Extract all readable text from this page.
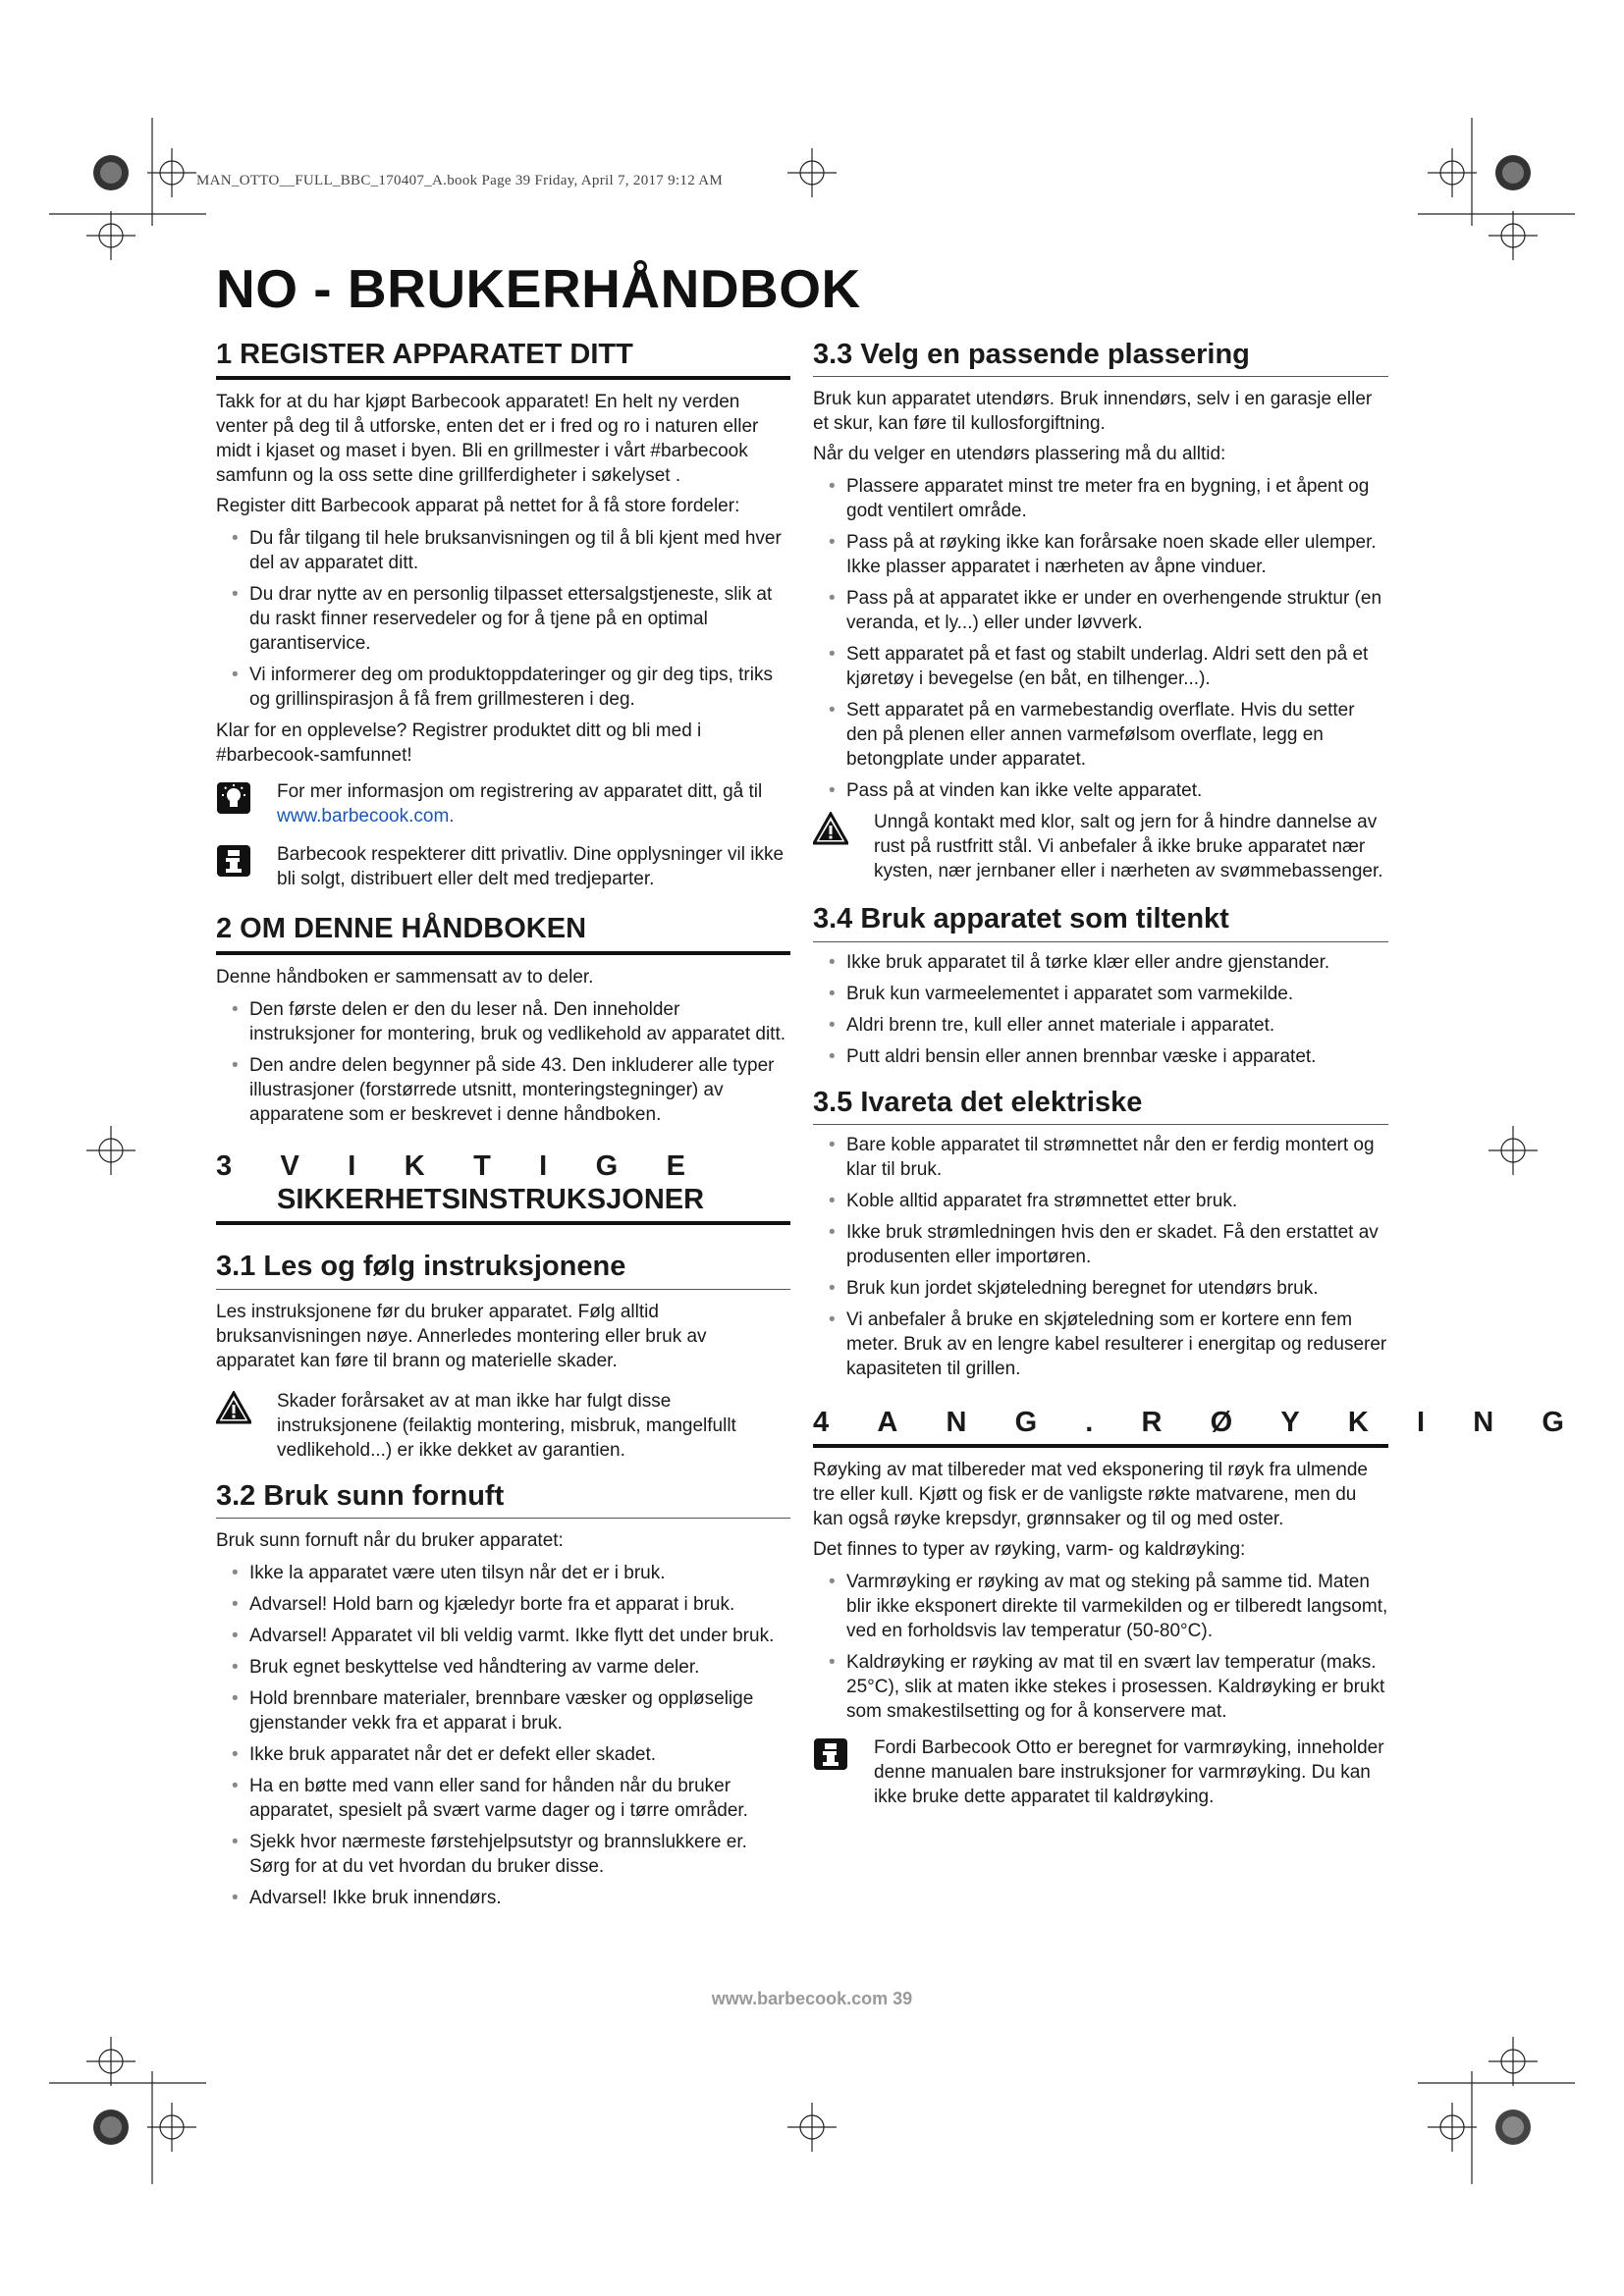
MAN_OTTO__FULL_BBC_170407_A.book Page 39 Friday, April 7, 2017 9:12 AM
NO - BRUKERHÅNDBOK
1 REGISTER APPARATET DITT

Takk for at du har kjøpt Barbecook apparatet! En helt ny verden venter på deg til å utforske, enten det er i fred og ro i naturen eller midt i kjaset og maset i byen. Bli en grillmester i vårt #barbecook samfunn og la oss sette dine grillferdigheter i søkelyset .

Register ditt Barbecook apparat på nettet for å få store fordeler:

• Du får tilgang til hele bruksanvisningen og til å bli kjent med hver del av apparatet ditt.
• Du drar nytte av en personlig tilpasset ettersalgstjeneste, slik at du raskt finner reservedeler og for å tjene på en optimal garantiservice.
• Vi informerer deg om produktoppdateringer og gir deg tips, triks og grillinspirasjon å få frem grillmesteren i deg.

Klar for en opplevelse? Registrer produktet ditt og bli med i #barbecook-samfunnet!

For mer informasjon om registrering av apparatet ditt, gå til www.barbecook.com.
Barbecook respekterer ditt privatliv. Dine opplysninger vil ikke bli solgt, distribuert eller delt med tredjeparter.
2 OM DENNE HÅNDBOKEN

Denne håndboken er sammensatt av to deler.

• Den første delen er den du leser nå. Den inneholder instruksjoner for montering, bruk og vedlikehold av apparatet ditt.
• Den andre delen begynner på side 43. Den inkluderer alle typer illustrasjoner (forstørrede utsnitt, monteringstegninger) av apparatene som er beskrevet i denne håndboken.
3 V I K T I G E
SIKKERHETSINSTRUKSJONER
3.1 Les og følg instruksjonene

Les instruksjonene før du bruker apparatet. Følg alltid bruksanvisningen nøye. Annerledes montering eller bruk av apparatet kan føre til brann og materielle skader.

Skader forårsaket av at man ikke har fulgt disse instruksjonene (feilaktig montering, misbruk, mangelfullt vedlikehold...) er ikke dekket av garantien.
3.2 Bruk sunn fornuft

Bruk sunn fornuft når du bruker apparatet:

• Ikke la apparatet være uten tilsyn når det er i bruk.
• Advarsel! Hold barn og kjæledyr borte fra et apparat i bruk.
• Advarsel! Apparatet vil bli veldig varmt. Ikke flytt det under bruk.
• Bruk egnet beskyttelse ved håndtering av varme deler.
• Hold brennbare materialer, brennbare væsker og oppløselige gjenstander vekk fra et apparat i bruk.
• Ikke bruk apparatet når det er defekt eller skadet.
• Ha en bøtte med vann eller sand for hånden når du bruker apparatet, spesielt på svært varme dager og i tørre områder.
• Sjekk hvor nærmeste førstehjelpsutstyr og brannslukkere er. Sørg for at du vet hvordan du bruker disse.
• Advarsel! Ikke bruk innendørs.
3.3 Velg en passende plassering

Bruk kun apparatet utendørs. Bruk innendørs, selv i en garasje eller et skur, kan føre til kullosforgiftning.

Når du velger en utendørs plassering må du alltid:

• Plassere apparatet minst tre meter fra en bygning, i et åpent og godt ventilert område.
• Pass på at røyking ikke kan forårsake noen skade eller ulemper. Ikke plasser apparatet i nærheten av åpne vinduer.
• Pass på at apparatet ikke er under en overhengende struktur (en veranda, et ly...) eller under løvverk.
• Sett apparatet på et fast og stabilt underlag. Aldri sett den på et kjøretøy i bevegelse (en båt, en tilhenger...).
• Sett apparatet på en varmebestandig overflate. Hvis du setter den på plenen eller annen varmefølsom overflate, legg en betongplate under apparatet.
• Pass på at vinden kan ikke velte apparatet.
Unngå kontakt med klor, salt og jern for å hindre dannelse av rust på rustfritt stål. Vi anbefaler å ikke bruke apparatet nær kysten, nær jernbaner eller i nærheten av svømmebassenger.
3.4 Bruk apparatet som tiltenkt
• Ikke bruk apparatet til å tørke klær eller andre gjenstander.
• Bruk kun varmeelementet i apparatet som varmekilde.
• Aldri brenn tre, kull eller annet materiale i apparatet.
• Putt aldri bensin eller annen brennbar væske i apparatet.
3.5 Ivareta det elektriske
• Bare koble apparatet til strømnettet når den er ferdig montert og klar til bruk.
• Koble alltid apparatet fra strømnettet etter bruk.
• Ikke bruk strømledningen hvis den er skadet. Få den erstattet av produsenten eller importøren.
• Bruk kun jordet skjøteledning beregnet for utendørs bruk.
• Vi anbefaler å bruke en skjøteledning som er kortere enn fem meter. Bruk av en lengre kabel resulterer i energitap og reduserer kapasiteten til grillen.
4 A N G . R Ø Y K I N G

Røyking av mat tilbereder mat ved eksponering til røyk fra ulmende tre eller kull. Kjøtt og fisk er de vanligste røkte matvarene, men du kan også røyke krepsdyr, grønnsaker og til og med oster.

Det finnes to typer av røyking, varm- og kaldrøyking:

• Varmrøyking er røyking av mat og steking på samme tid. Maten blir ikke eksponert direkte til varmekilden og er tilberedt langsomt, ved en forholdsvis lav temperatur (50-80°C).
• Kaldrøyking er røyking av mat til en svært lav temperatur (maks. 25°C), slik at maten ikke stekes i prosessen. Kaldrøyking er brukt som smakestilsetting og for å konservere mat.
Fordi Barbecook Otto er beregnet for varmrøyking, inneholder denne manualen bare instruksjoner for varmrøyking. Du kan ikke bruke dette apparatet til kaldrøyking.
www.barbecook.com 39
